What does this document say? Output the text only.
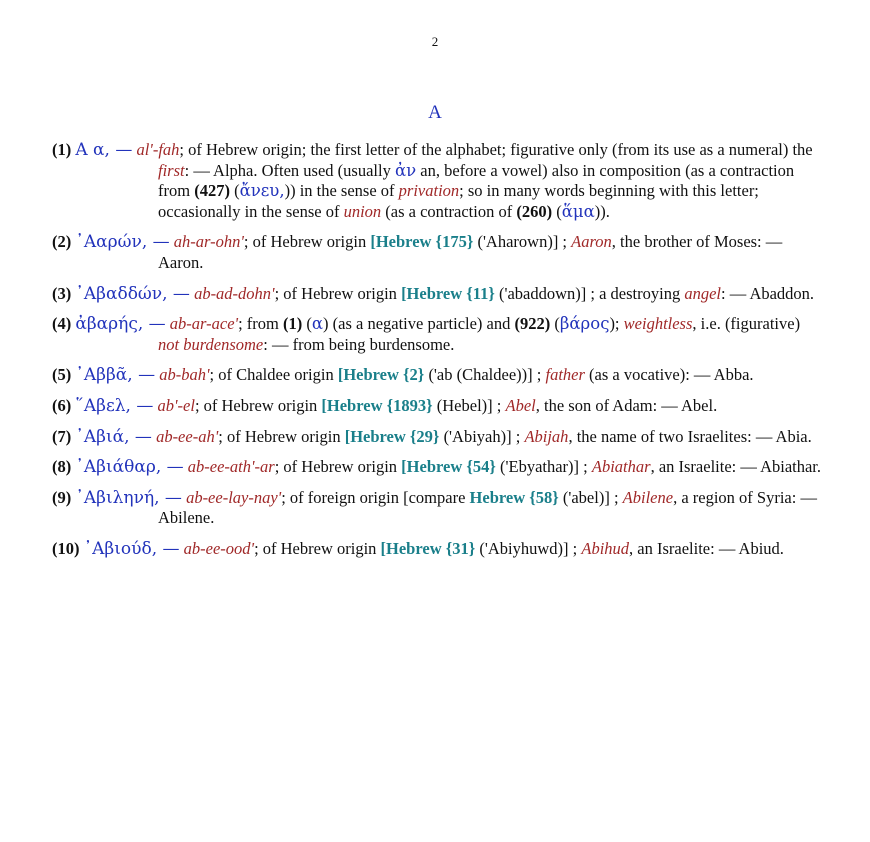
2
Α
(1) Α α, — al'-fah; of Hebrew origin; the first letter of the alphabet; figurative only (from its use as a numeral) the first: — Alpha. Often used (usually ἀν an, before a vowel) also in composition (as a contraction from (427) (ἄνευ,)) in the sense of privation; so in many words beginning with this letter; occasionally in the sense of union (as a contraction of (260) (ἅμα)).
(2) ᾿Ααρών, — ah-ar-ohn'; of Hebrew origin [Hebrew {175} ('Aharown)] ; Aaron, the brother of Moses: — Aaron.
(3) ᾿Αβαδδών, — ab-ad-dohn'; of Hebrew origin [Hebrew {11} ('abaddown)] ; a destroying angel: — Abaddon.
(4) ἀβαρής, — ab-ar-ace'; from (1) (α) (as a negative particle) and (922) (βάρος); weightless, i.e. (figurative) not burdensome: — from being burdensome.
(5) ᾿Αββᾶ, — ab-bah'; of Chaldee origin [Hebrew {2} ('ab (Chaldee))] ; father (as a vocative): — Abba.
(6) ῞Αβελ, — ab'-el; of Hebrew origin [Hebrew {1893} (Hebel)] ; Abel, the son of Adam: — Abel.
(7) ᾿Αβιά, — ab-ee-ah'; of Hebrew origin [Hebrew {29} ('Abiyah)] ; Abijah, the name of two Israelites: — Abia.
(8) ᾿Αβιάθαρ, — ab-ee-ath'-ar; of Hebrew origin [Hebrew {54} ('Ebyathar)] ; Abiathar, an Israelite: — Abiathar.
(9) ᾿Αβιληνή, — ab-ee-lay-nay'; of foreign origin [compare Hebrew {58} ('abel)] ; Abilene, a region of Syria: — Abilene.
(10) ᾿Αβιούδ, — ab-ee-ood'; of Hebrew origin [Hebrew {31} ('Abiyhuwd)] ; Abihud, an Israelite: — Abiud.
